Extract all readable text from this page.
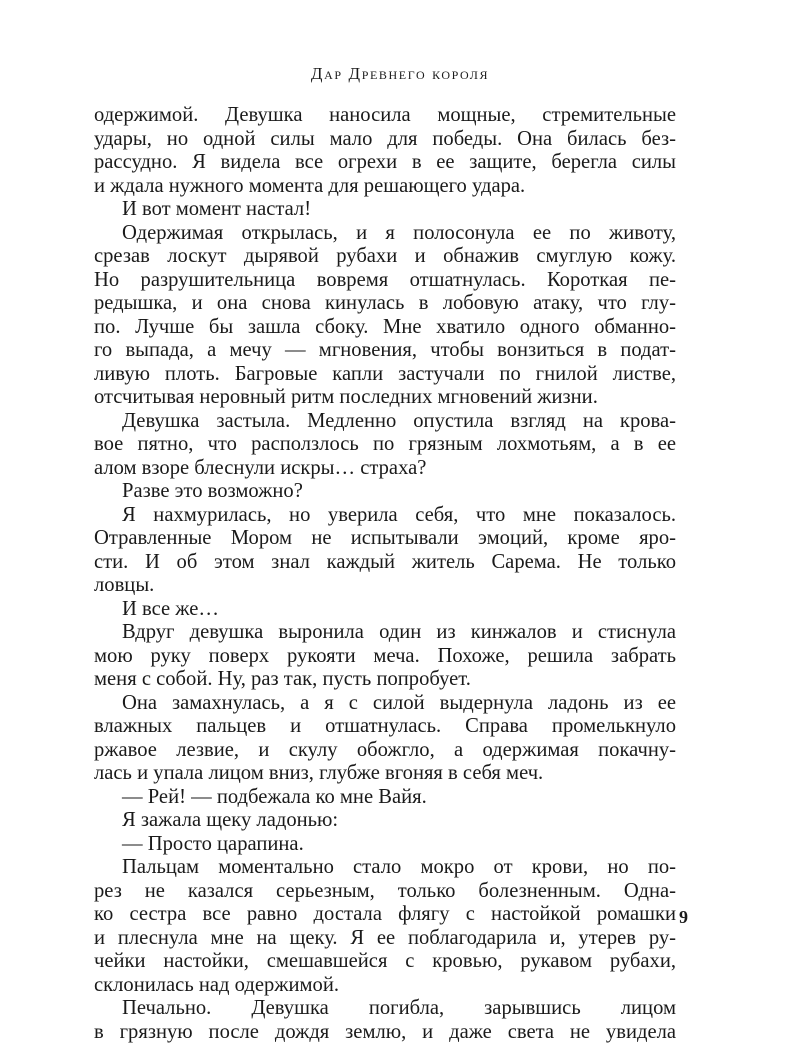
Дар Древнего короля
одержимой. Девушка наносила мощные, стремительные
удары, но одной силы мало для победы. Она билась без-
рассудно. Я видела все огрехи в ее защите, берегла силы
и ждала нужного момента для решающего удара.
И вот момент настал!
Одержимая открылась, и я полосонула ее по животу,
срезав лоскут дырявой рубахи и обнажив смуглую кожу.
Но разрушительница вовремя отшатнулась. Короткая пе-
редышка, и она снова кинулась в лобовую атаку, что глу-
по. Лучше бы зашла сбоку. Мне хватило одного обманно-
го выпада, а мечу — мгновения, чтобы вонзиться в подат-
ливую плоть. Багровые капли застучали по гнилой листве,
отсчитывая неровный ритм последних мгновений жизни.
Девушка застыла. Медленно опустила взгляд на крова-
вое пятно, что расползлось по грязным лохмотьям, а в ее
алом взоре блеснули искры… страха?
Разве это возможно?
Я нахмурилась, но уверила себя, что мне показалось.
Отравленные Мором не испытывали эмоций, кроме яро-
сти. И об этом знал каждый житель Сарема. Не только
ловцы.
И все же…
Вдруг девушка выронила один из кинжалов и стиснула
мою руку поверх рукояти меча. Похоже, решила забрать
меня с собой. Ну, раз так, пусть попробует.
Она замахнулась, а я с силой выдернула ладонь из ее
влажных пальцев и отшатнулась. Справа промелькнуло
ржавое лезвие, и скулу обожгло, а одержимая покачну-
лась и упала лицом вниз, глубже вгоняя в себя меч.
— Рей! — подбежала ко мне Вайя.
Я зажала щеку ладонью:
— Просто царапина.
Пальцам моментально стало мокро от крови, но по-
рез не казался серьезным, только болезненным. Одна-
ко сестра все равно достала флягу с настойкой ромашки
и плеснула мне на щеку. Я ее поблагодарила и, утерев ру-
чейки настойки, смешавшейся с кровью, рукавом рубахи,
склонилась над одержимой.
Печально. Девушка погибла, зарывшись лицом
в грязную после дождя землю, и даже света не увидела
9
